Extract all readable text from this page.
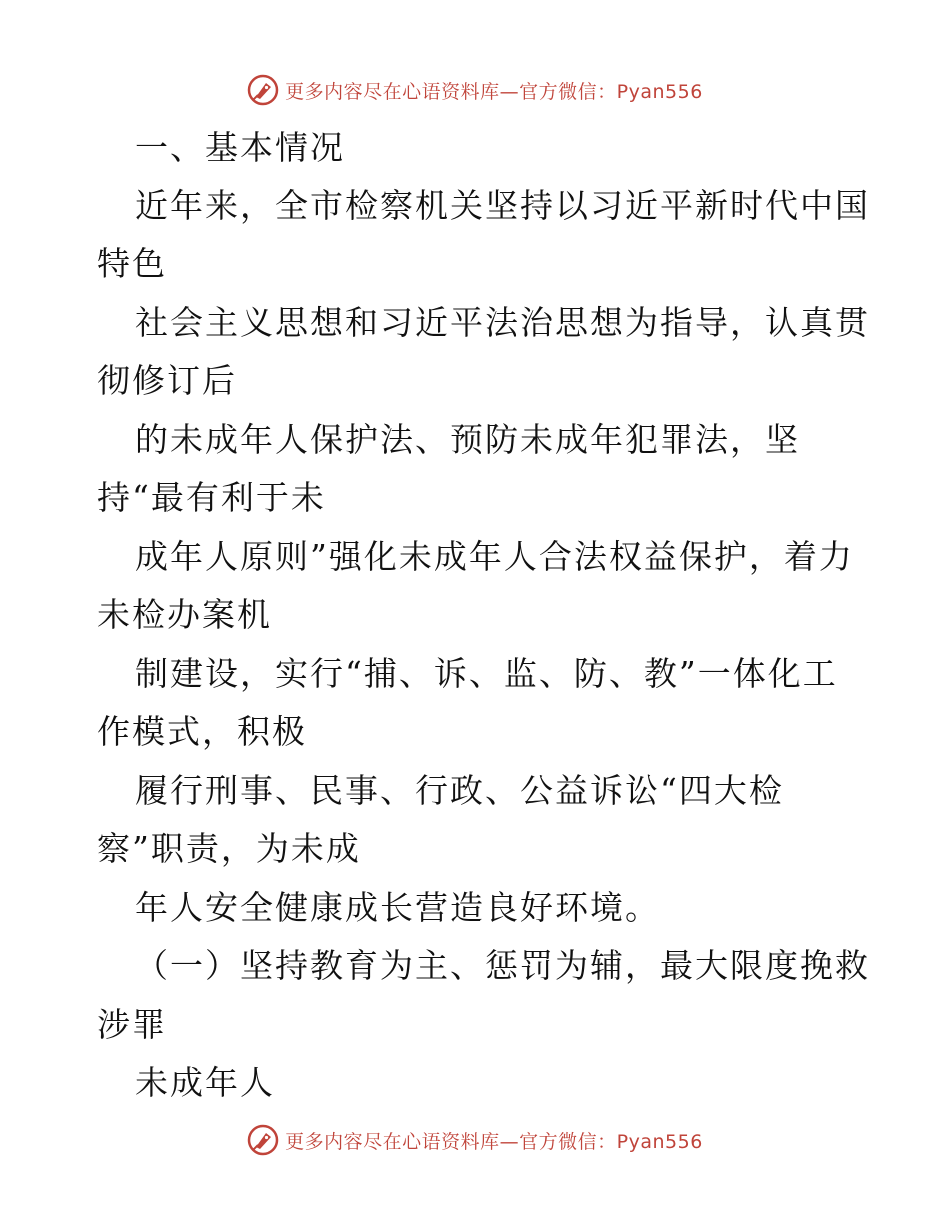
更多内容尽在心语资料库—官方微信：Pyan556
一、基本情况
近年来，全市检察机关坚持以习近平新时代中国
特色
社会主义思想和习近平法治思想为指导，认真贯
彻修订后
的未成年人保护法、预防未成年犯罪法，坚
持“最有利于未
成年人原则”强化未成年人合法权益保护，着力
未检办案机
制建设，实行“捕、诉、监、防、教”一体化工
作模式，积极
履行刑事、民事、行政、公益诉讼“四大检
察”职责，为未成
年人安全健康成长营造良好环境。
（一）坚持教育为主、惩罚为辅，最大限度挽救
涉罪
未成年人
更多内容尽在心语资料库—官方微信：Pyan556
